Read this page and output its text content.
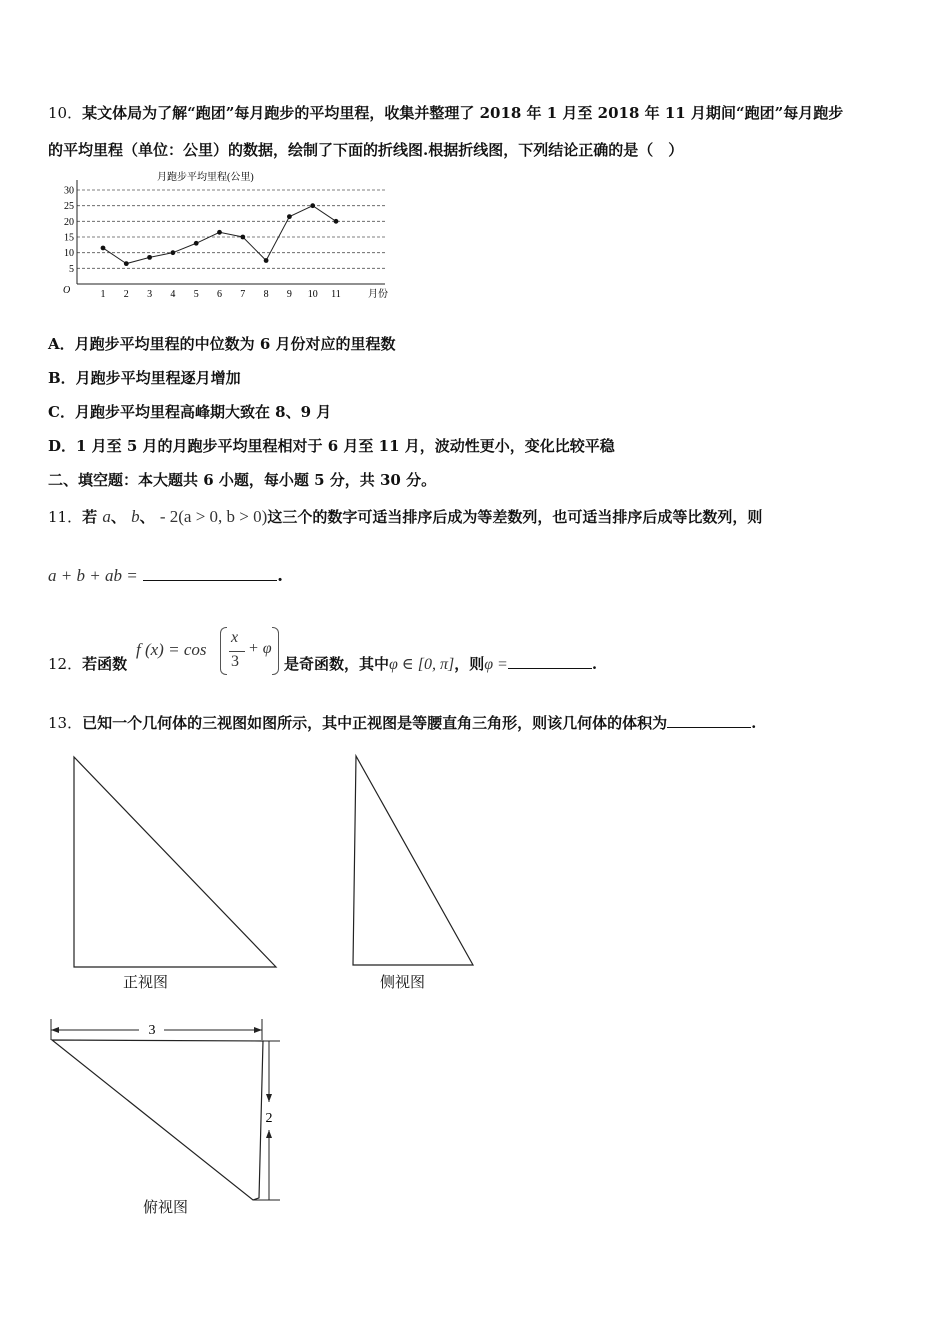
10．某文体局为了解“跑团”每月跑步的平均里程，收集并整理了 2018 年 1 月至 2018 年 11 月期间“跑团”每月跑步
的平均里程（单位：公里）的数据，绘制了下面的折线图.根据折线图，下列结论正确的是（　）
5
10
15
20
25
30
1 2 3 4 5 6 7 8 9 10 11
月跑步平均里程(公里)
月份
O
A．月跑步平均里程的中位数为 6 月份对应的里程数
B．月跑步平均里程逐月增加
C．月跑步平均里程高峰期大致在 8、9 月
D．1 月至 5 月的月跑步平均里程相对于 6 月至 11 月，波动性更小，变化比较平稳
二、填空题：本大题共 6 小题，每小题 5 分，共 30 分。
11．若 a、 b、 - 2(a > 0, b > 0)这三个的数字可适当排序后成为等差数列，也可适当排序后成等比数列，则
a + b + ab =	.
12．若函数
f (x) = cos
x
3
+ φ
是奇函数，其中φ ∈ [0, π]，则φ =	.
13．已知一个几何体的三视图如图所示，其中正视图是等腰直角三角形，则该几何体的体积为	.
正视图	侧视图
3
2
俯视图
